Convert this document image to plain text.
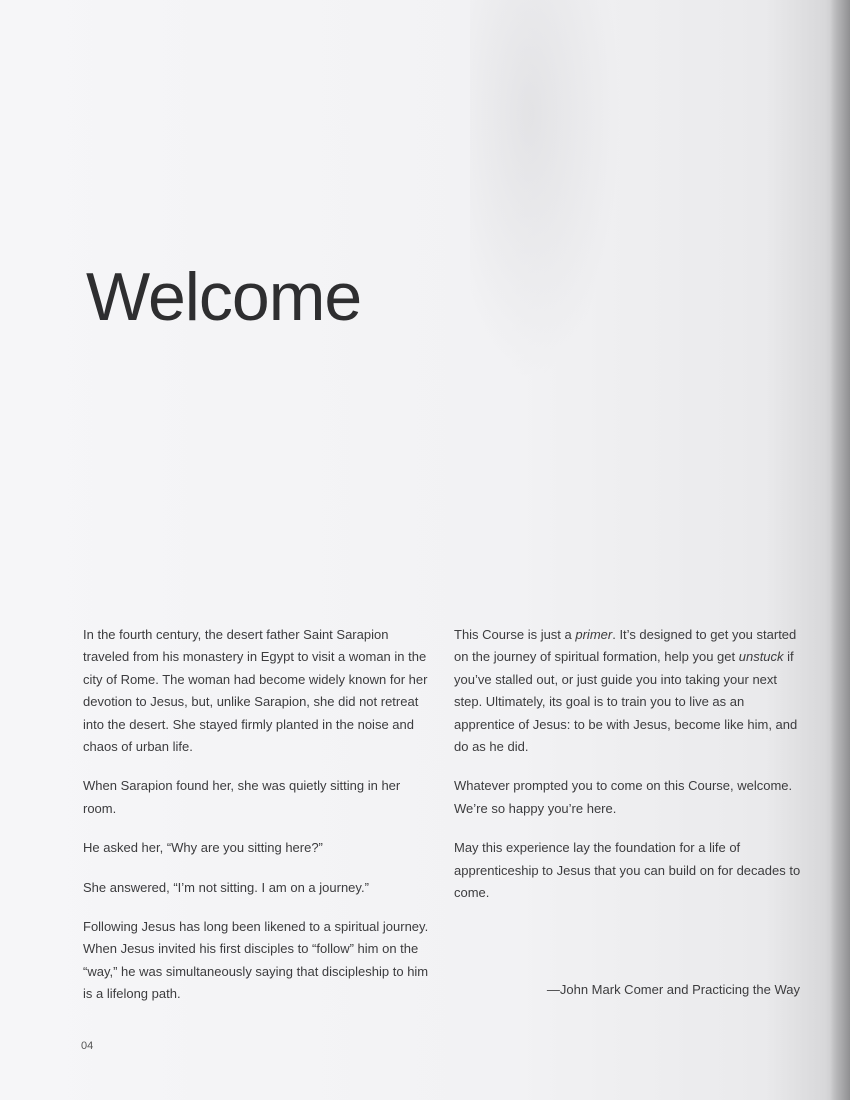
Welcome

In the fourth century, the desert father Saint Sarapion traveled from his monastery in Egypt to visit a woman in the city of Rome. The woman had become widely known for her devotion to Jesus, but, unlike Sarapion, she did not retreat into the desert. She stayed firmly planted in the noise and chaos of urban life.

When Sarapion found her, she was quietly sitting in her room.

He asked her, “Why are you sitting here?”

She answered, “I’m not sitting. I am on a journey.”

Following Jesus has long been likened to a spiritual journey. When Jesus invited his first disciples to “follow” him on the “way,” he was simultaneously saying that discipleship to him is a lifelong path.

This Course is just a primer. It’s designed to get you started on the journey of spiritual formation, help you get unstuck if you’ve stalled out, or just guide you into taking your next step. Ultimately, its goal is to train you to live as an apprentice of Jesus: to be with Jesus, become like him, and do as he did.

Whatever prompted you to come on this Course, welcome. We’re so happy you’re here.

May this experience lay the foundation for a life of apprenticeship to Jesus that you can build on for decades to come.

—John Mark Comer and Practicing the Way
04
